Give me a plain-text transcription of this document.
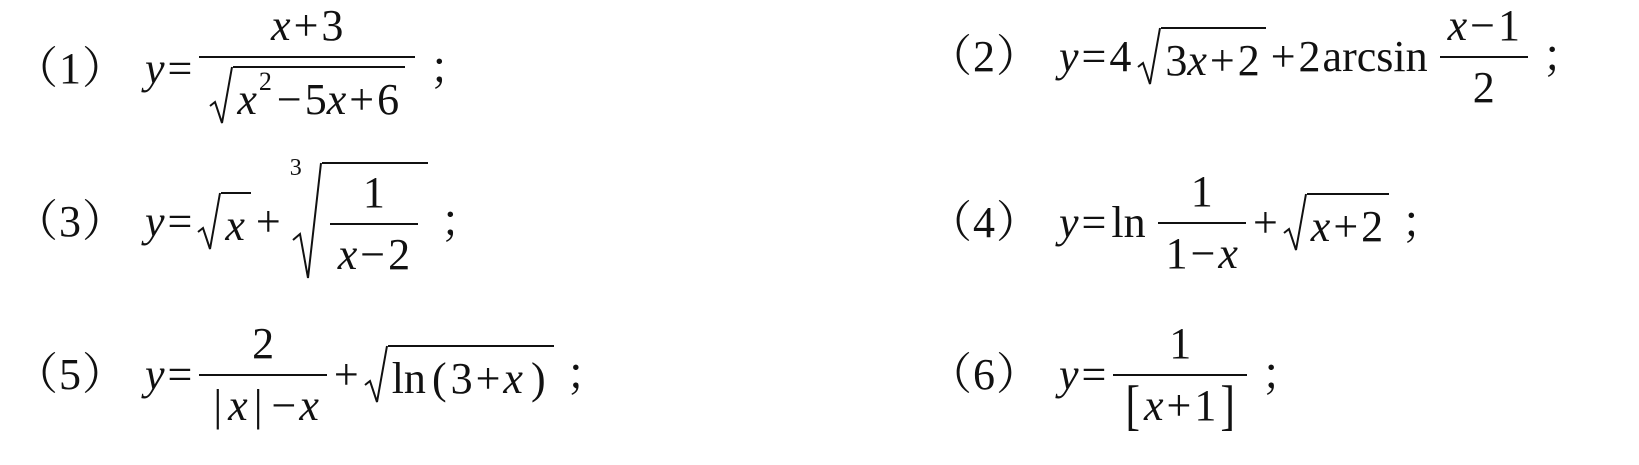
（1） $y = \frac{x+3}{x 2 - 5 x + 6}$ ；	（2） y = 4 3 x + 2 + 2 $\arcsin \frac{x-1}{2}$ ；
（3） y = x +
3
$\frac{1}{x-2}$ ；	（4） $y = \ln \frac{1}{1-x} + x + 2$ ；
（5） $y = \frac{2}{| x | -x} + \ln$ ( 3 + x ) ；	（6） $y = \frac{1}{[x+1]}$ ；
